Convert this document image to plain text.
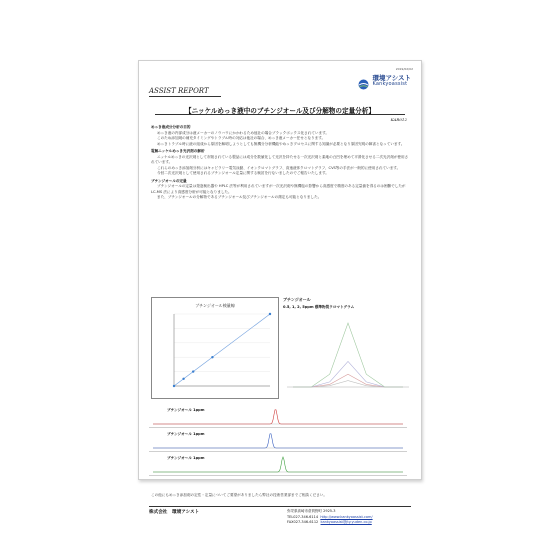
2019/02/02
環境アシスト
Kankyoassist
ASSIST REPORT
【ニッケルめっき液中のブチンジオール及び分解物の定量分析】
KAR012
めっき液成分分析の目的
めっき液の内部成分は液メーカーのノウハウにかかわるため他社の場合ブラックボックス化されています。
このため添加剤の補充タイミングやトラブル時の対応は他社の場合、めっき液メーカー任せとなります。
めっきトラブル時に液の組成から原因を解明しようとしても無機分分析機能やめっきプロセスに関する知識が必要となり原因究明の障害となっています。
電解ニッケルめっき光沢剤の解析
ニッケルめっきの光沢剤として市販されている製品には成分を数値化して光沢を持たせる一次光沢剤と素地の凸凹を埋めて平滑化させる二次光沢剤が使用されています。
これらのめっき添加剤分析にはキャピラリー電気泳動、イオンクロマトグラフ、高速液体クロマトグラフ、CVS等の手法が一般的に使用されています。
今回二次光沢剤として使用されるブチンジオール定量に関する検討を行ないましたのでご報告いたします。
ブチンジオールの定量
ブチンジオールの定量は発泡検出器や HPLC 法等が利用されていますが一次光沢剤や無機塩の影響から高感度で精度のある定量値を得るのは困難でしたが LC-MS 法により高感度分析が可能となりました。
また、ブチンジオールの分解物であるブチンジオール及びブチンジオールの測定も可能となりました。
ブチンジオール検量線
ブチンジオール
0.5, 1, 2, 5ppm 標準物質クロマトグラム
ブチンジオール 1ppm
ブチンジオール 1ppm
ブチンジオール 1ppm
この他にもめっき添加剤の定性・定量についてご要望がありましたら弊社の技術営業部までご相談ください。
株式会社　環境アシスト	弥栄県高崎市倉賀野町 2925-3
TEL027-346-6114 http://www.kankyoassist.com/
FAX027-346-6112 kankyoassist@jty.yuden.co.jp
